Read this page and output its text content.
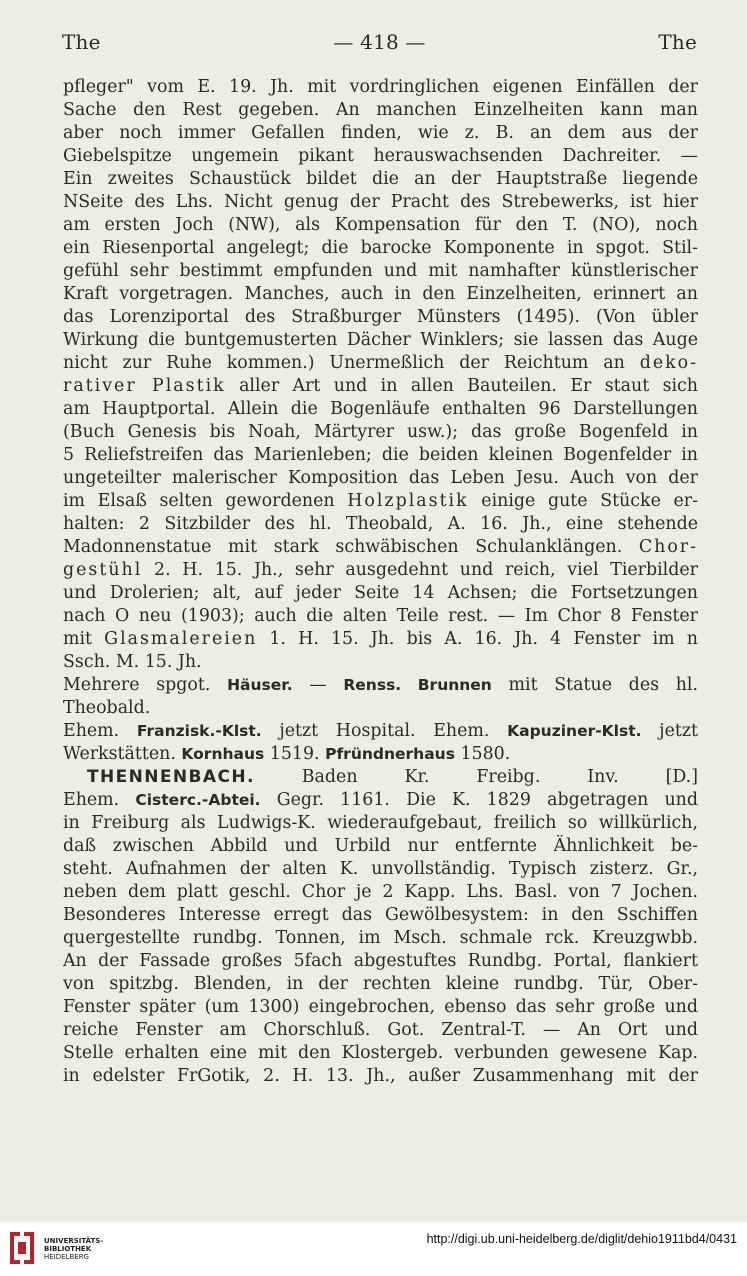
The	— 418 —	The
pfleger" vom E. 19. Jh. mit vordringlichen eigenen Einfällen der
Sache den Rest gegeben. An manchen Einzelheiten kann man
aber noch immer Gefallen finden, wie z. B. an dem aus der
Giebelspitze ungemein pikant herauswachsenden Dachreiter. —
Ein zweites Schaustück bildet die an der Hauptstraße liegende
NSeite des Lhs. Nicht genug der Pracht des Strebewerks, ist hier
am ersten Joch (NW), als Kompensation für den T. (NO), noch
ein Riesenportal angelegt; die barocke Komponente in spgot. Stil-
gefühl sehr bestimmt empfunden und mit namhafter künstlerischer
Kraft vorgetragen. Manches, auch in den Einzelheiten, erinnert an
das Lorenziportal des Straßburger Münsters (1495). (Von übler
Wirkung die buntgemusterten Dächer Winklers; sie lassen das Auge
nicht zur Ruhe kommen.) Unermeßlich der Reichtum an deko-
rativer Plastik aller Art und in allen Bauteilen. Er staut sich
am Hauptportal. Allein die Bogenläufe enthalten 96 Darstellungen
(Buch Genesis bis Noah, Märtyrer usw.); das große Bogenfeld in
5 Reliefstreifen das Marienleben; die beiden kleinen Bogenfelder in
ungeteilter malerischer Komposition das Leben Jesu. Auch von der
im Elsaß selten gewordenen Holzplastik einige gute Stücke er-
halten: 2 Sitzbilder des hl. Theobald, A. 16. Jh., eine stehende
Madonnenstatue mit stark schwäbischen Schulanklängen. Chor-
gestühl 2. H. 15. Jh., sehr ausgedehnt und reich, viel Tierbilder
und Drolerien; alt, auf jeder Seite 14 Achsen; die Fortsetzungen
nach O neu (1903); auch die alten Teile rest. — Im Chor 8 Fenster
mit Glasmalereien 1. H. 15. Jh. bis A. 16. Jh. 4 Fenster im n
Ssch. M. 15. Jh.
Mehrere spgot. Häuser. — Renss. Brunnen mit Statue des hl.
Theobald.
Ehem. Franzisk.-Klst. jetzt Hospital. Ehem. Kapuziner-Klst. jetzt
Werkstätten. Kornhaus 1519. Pfründnerhaus 1580.
THENNENBACH. Baden Kr. Freibg. Inv. [D.]
Ehem. Cisterc.-Abtei. Gegr. 1161. Die K. 1829 abgetragen und
in Freiburg als Ludwigs-K. wiederaufgebaut, freilich so willkürlich,
daß zwischen Abbild und Urbild nur entfernte Ähnlichkeit be-
steht. Aufnahmen der alten K. unvollständig. Typisch zisterz. Gr.,
neben dem platt geschl. Chor je 2 Kapp. Lhs. Basl. von 7 Jochen.
Besonderes Interesse erregt das Gewölbesystem: in den Sschiffen
quergestellte rundbg. Tonnen, im Msch. schmale rck. Kreuzgwbb.
An der Fassade großes 5fach abgestuftes Rundbg. Portal, flankiert
von spitzbg. Blenden, in der rechten kleine rundbg. Tür, Ober-
Fenster später (um 1300) eingebrochen, ebenso das sehr große und
reiche Fenster am Chorschluß. Got. Zentral-T. — An Ort und
Stelle erhalten eine mit den Klostergeb. verbunden gewesene Kap.
in edelster FrGotik, 2. H. 13. Jh., außer Zusammenhang mit der
UNIVERSITÄTS-
BIBLIOTHEK
HEIDELBERG
http://digi.ub.uni-heidelberg.de/diglit/dehio1911bd4/0431
